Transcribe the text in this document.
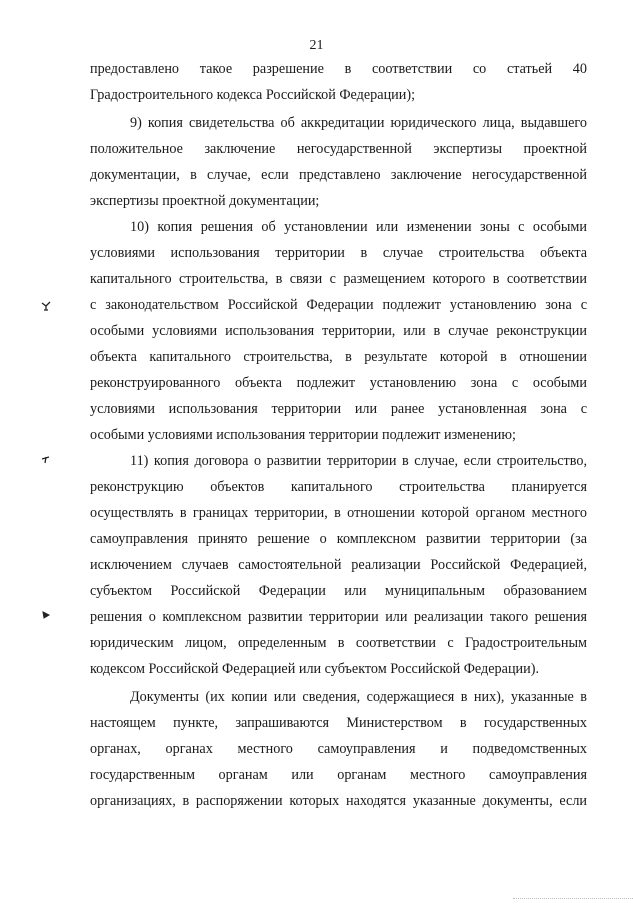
21
предоставлено такое разрешение в соответствии со статьей 40
Градостроительного кодекса Российской Федерации);
9) копия свидетельства об аккредитации юридического лица, выдавшего
положительное заключение негосударственной экспертизы проектной
документации, в случае, если представлено заключение негосударственной
экспертизы проектной документации;
10) копия решения об установлении или изменении зоны с особыми
условиями использования территории в случае строительства объекта
капитального строительства, в связи с размещением которого в соответствии
с законодательством Российской Федерации подлежит установлению зона с
особыми условиями использования территории, или в случае реконструкции
объекта капитального строительства, в результате которой в отношении
реконструированного объекта подлежит установлению зона с особыми
условиями использования территории или ранее установленная зона с
особыми условиями использования территории подлежит изменению;
11) копия договора о развитии территории в случае, если строительство,
реконструкцию объектов капитального строительства планируется
осуществлять в границах территории, в отношении которой органом местного
самоуправления принято решение о комплексном развитии территории (за
исключением случаев самостоятельной реализации Российской Федерацией,
субъектом Российской Федерации или муниципальным образованием
решения о комплексном развитии территории или реализации такого решения
юридическим лицом, определенным в соответствии с Градостроительным
кодексом Российской Федерацией или субъектом Российской Федерации).
Документы (их копии или сведения, содержащиеся в них), указанные в
настоящем пункте, запрашиваются Министерством в государственных
органах, органах местного самоуправления и подведомственных
государственным органам или органам местного самоуправления
организациях, в распоряжении которых находятся указанные документы, если
